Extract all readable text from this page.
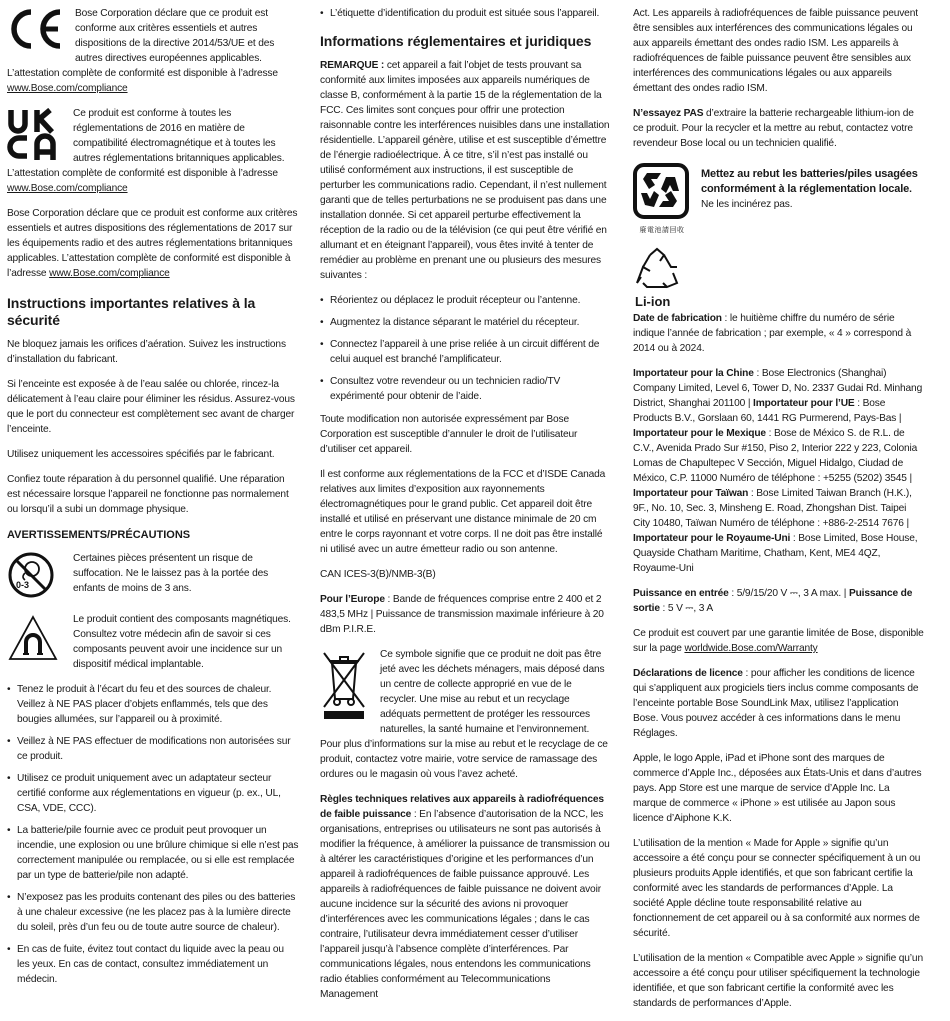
Bose Corporation déclare que ce produit est conforme aux critères essentiels et autres dispositions de la directive 2014/53/UE et des autres directives européennes applicables. L’attestation complète de conformité est disponible à l’adresse www.Bose.com/compliance

Ce produit est conforme à toutes les réglementations de 2016 en matière de compatibilité électromagnétique et à toutes les autres réglementations britanniques applicables. L’attestation complète de conformité est disponible à l’adresse www.Bose.com/compliance

Bose Corporation déclare que ce produit est conforme aux critères essentiels et autres dispositions des réglementations de 2017 sur les équipements radio et des autres réglementations britanniques applicables. L’attestation complète de conformité est disponible à l’adresse www.Bose.com/compliance

Instructions importantes relatives à la sécurité

Ne bloquez jamais les orifices d’aération. Suivez les instructions d’installation du fabricant.

Si l’enceinte est exposée à de l’eau salée ou chlorée, rincez-la délicatement à l’eau claire pour éliminer les résidus. Assurez-vous que le port du connecteur est complètement sec avant de charger l’enceinte.

Utilisez uniquement les accessoires spécifiés par le fabricant.

Confiez toute réparation à du personnel qualifié. Une réparation est nécessaire lorsque l’appareil ne fonctionne pas normalement ou lorsqu’il a subi un dommage physique.

AVERTISSEMENTS/PRÉCAUTIONS
0-3

Certaines pièces présentent un risque de suffocation. Ne le laissez pas à la portée des enfants de moins de 3 ans.

Le produit contient des composants magnétiques. Consultez votre médecin afin de savoir si ces composants peuvent avoir une incidence sur un dispositif médical implantable.

• Tenez le produit à l’écart du feu et des sources de chaleur. Veillez à NE PAS placer d’objets enflammés, tels que des bougies allumées, sur l’appareil ou à proximité.
• Veillez à NE PAS effectuer de modifications non autorisées sur ce produit.
• Utilisez ce produit uniquement avec un adaptateur secteur certifié conforme aux réglementations en vigueur (p. ex., UL, CSA, VDE, CCC).
• La batterie/pile fournie avec ce produit peut provoquer un incendie, une explosion ou une brûlure chimique si elle n’est pas correctement manipulée ou remplacée, ou si elle est remplacée par un type de batterie/pile non adapté.
• N’exposez pas les produits contenant des piles ou des batteries à une chaleur excessive (ne les placez pas à la lumière directe du soleil, près d’un feu ou de toute autre source de chaleur).
• En cas de fuite, évitez tout contact du liquide avec la peau ou les yeux. En cas de contact, consultez immédiatement un médecin.
• L’étiquette d’identification du produit est située sous l’appareil.
Informations réglementaires et juridiques

REMARQUE : cet appareil a fait l’objet de tests prouvant sa conformité aux limites imposées aux appareils numériques de classe B, conformément à la partie 15 de la réglementation de la FCC. Ces limites sont conçues pour offrir une protection raisonnable contre les interférences nuisibles dans une installation résidentielle. L’appareil génère, utilise et est susceptible d’émettre de l’énergie radioélectrique. À ce titre, s’il n’est pas installé ou utilisé conformément aux instructions, il est susceptible de perturber les communications radio. Cependant, il n’est nullement garanti que de telles perturbations ne se produisent pas dans une installation donnée. Si cet appareil perturbe effectivement la réception de la radio ou de la télévision (ce qui peut être vérifié en allumant et en éteignant l’appareil), vous êtes invité à tenter de remédier au problème en prenant une ou plusieurs des mesures suivantes :

• Réorientez ou déplacez le produit récepteur ou l’antenne.
• Augmentez la distance séparant le matériel du récepteur.
• Connectez l’appareil à une prise reliée à un circuit différent de celui auquel est branché l’amplificateur.
• Consultez votre revendeur ou un technicien radio/TV expérimenté pour obtenir de l’aide.

Toute modification non autorisée expressément par Bose Corporation est susceptible d’annuler le droit de l’utilisateur d’utiliser cet appareil.

Il est conforme aux réglementations de la FCC et d’ISDE Canada relatives aux limites d’exposition aux rayonnements électromagnétiques pour le grand public. Cet appareil doit être installé et utilisé en préservant une distance minimale de 20 cm entre le corps rayonnant et votre corps. Il ne doit pas être installé ni utilisé avec un autre émetteur radio ou son antenne.

CAN ICES-3(B)/NMB-3(B)

Pour l’Europe : Bande de fréquences comprise entre 2 400 et 2 483,5 MHz | Puissance de transmission maximale inférieure à 20 dBm P.I.R.E.

Ce symbole signifie que ce produit ne doit pas être jeté avec les déchets ménagers, mais déposé dans un centre de collecte approprié en vue de le recycler. Une mise au rebut et un recyclage adéquats permettent de protéger les ressources naturelles, la santé humaine et l’environnement. Pour plus d’informations sur la mise au rebut et le recyclage de ce produit, contactez votre mairie, votre service de ramassage des ordures ou le magasin où vous l’avez acheté.

Règles techniques relatives aux appareils à radiofréquences de faible puissance : En l’absence d’autorisation de la NCC, les organisations, entreprises ou utilisateurs ne sont pas autorisés à modifier la fréquence, à améliorer la puissance de transmission ou à altérer les caractéristiques d’origine et les performances d’un appareil à radiofréquences de faible puissance approuvé. Les appareils à radiofréquences de faible puissance ne doivent avoir aucune incidence sur la sécurité des avions ni provoquer d’interférences avec les communications légales ; dans le cas contraire, l’utilisateur devra immédiatement cesser d’utiliser l’appareil jusqu’à l’absence complète d’interférences. Par communications légales, nous entendons les communications radio établies conformément au Telecommunications Management

Act. Les appareils à radiofréquences de faible puissance peuvent être sensibles aux interférences des communications légales ou aux appareils émettant des ondes radio ISM. Les appareils à radiofréquences de faible puissance peuvent être sensibles aux interférences des communications légales ou aux appareils émettant des ondes radio ISM.

N’essayez PAS d’extraire la batterie rechargeable lithium-ion de ce produit. Pour la recycler et la mettre au rebut, contactez votre revendeur Bose local ou un technicien qualifié.

廢電池請回收

Mettez au rebut les batteries/piles usagées conformément à la réglementation locale.
Ne les incinérez pas.

Li-ion

Date de fabrication : le huitième chiffre du numéro de série indique l’année de fabrication ; par exemple, « 4 » correspond à 2014 ou à 2024.

Importateur pour la Chine : Bose Electronics (Shanghai) Company Limited, Level 6, Tower D, No. 2337 Gudai Rd. Minhang District, Shanghai 201100 | Importateur pour l’UE : Bose Products B.V., Gorslaan 60, 1441 RG Purmerend, Pays-Bas | Importateur pour le Mexique : Bose de México S. de R.L. de C.V., Avenida Prado Sur #150, Piso 2, Interior 222 y 223, Colonia Lomas de Chapultepec V Sección, Miguel Hidalgo, Ciudad de México, C.P. 11000 Numéro de téléphone : +5255 (5202) 3545 | Importateur pour Taïwan : Bose Limited Taiwan Branch (H.K.), 9F., No. 10, Sec. 3, Minsheng E. Road, Zhongshan Dist. Taipei City 10480, Taïwan Numéro de téléphone : +886-2-2514 7676 | Importateur pour le Royaume-Uni : Bose Limited, Bose House, Quayside Chatham Maritime, Chatham, Kent, ME4 4QZ, Royaume-Uni

Puissance en entrée : 5/9/15/20 V ⎓, 3 A max. | Puissance de sortie : 5 V ⎓, 3 A

Ce produit est couvert par une garantie limitée de Bose, disponible sur la page worldwide.Bose.com/Warranty

Déclarations de licence : pour afficher les conditions de licence qui s’appliquent aux progiciels tiers inclus comme composants de l’enceinte portable Bose SoundLink Max, utilisez l’application Bose. Vous pouvez accéder à ces informations dans le menu Réglages.

Apple, le logo Apple, iPad et iPhone sont des marques de commerce d’Apple Inc., déposées aux États-Unis et dans d’autres pays. App Store est une marque de service d’Apple Inc. La marque de commerce « iPhone » est utilisée au Japon sous licence d’Aiphone K.K.

L’utilisation de la mention « Made for Apple » signifie qu’un accessoire a été conçu pour se connecter spécifiquement à un ou plusieurs produits Apple identifiés, et que son fabricant certifie la conformité avec les standards de performances d’Apple. La société Apple décline toute responsabilité relative au fonctionnement de cet appareil ou à sa conformité aux normes de sécurité.

L’utilisation de la mention « Compatible avec Apple » signifie qu’un accessoire a été conçu pour utiliser spécifiquement la technologie identifiée, et que son fabricant certifie la conformité avec les standards de performances d’Apple.
